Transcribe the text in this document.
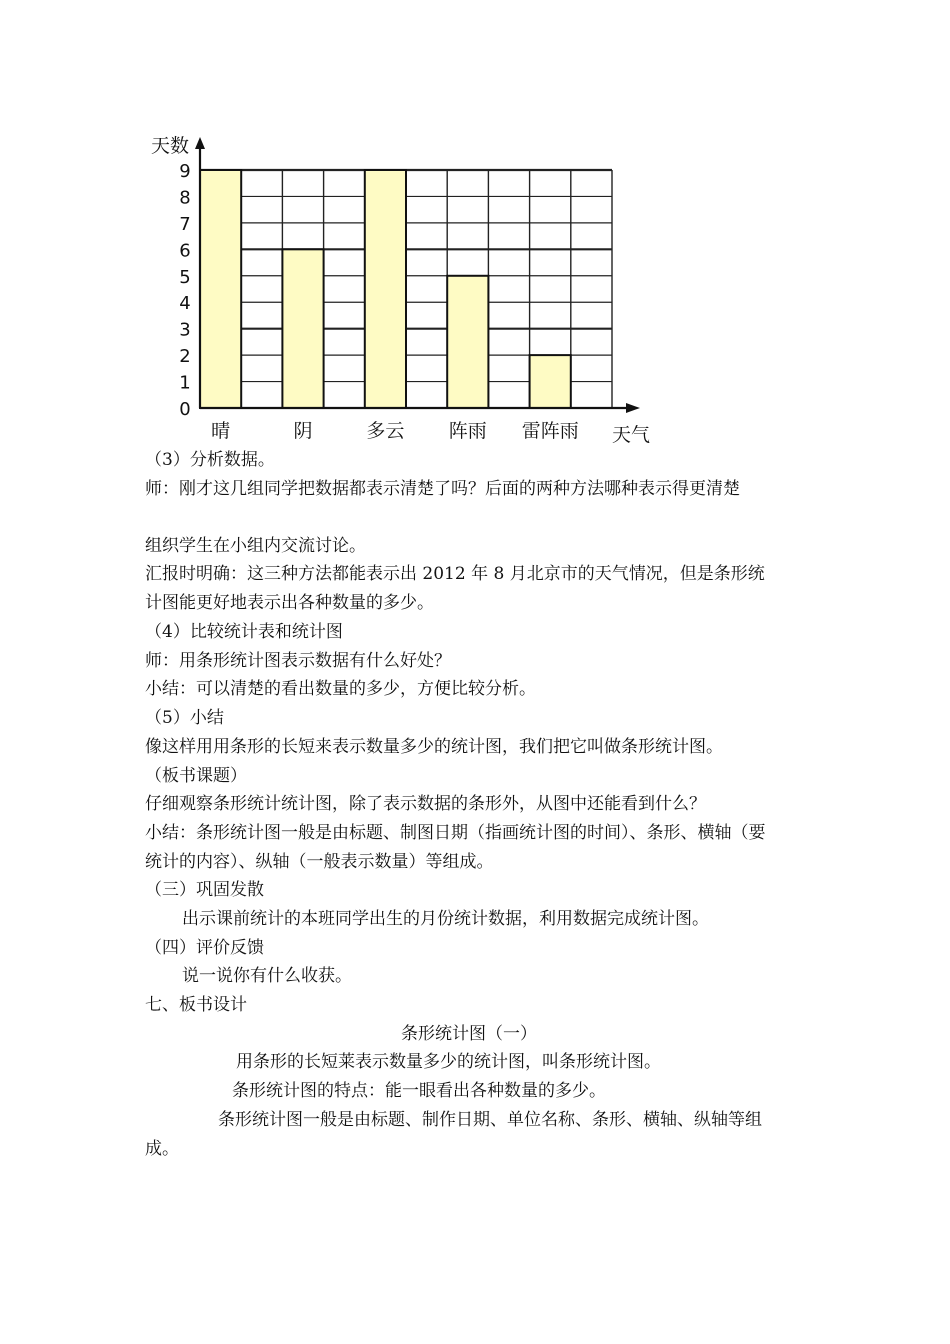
0
1
2
3
4
5
6
7
8
9
晴	阴	多云 阵雨 雷阵雨
天数
天气
（3）分析数据。
师：刚才这几组同学把数据都表示清楚了吗？后面的两种方法哪种表示得更清楚
组织学生在小组内交流讨论。
汇报时明确：这三种方法都能表示出 2012 年 8 月北京市的天气情况，但是条形统
计图能更好地表示出各种数量的多少。
（4）比较统计表和统计图
师：用条形统计图表示数据有什么好处？
小结：可以清楚的看出数量的多少，方便比较分析。
（5）小结
像这样用用条形的长短来表示数量多少的统计图，我们把它叫做条形统计图。
（板书课题）
仔细观察条形统计统计图，除了表示数据的条形外，从图中还能看到什么？
小结：条形统计图一般是由标题、制图日期（指画统计图的时间）、条形、横轴（要
统计的内容）、纵轴（一般表示数量）等组成。
（三）巩固发散
出示课前统计的本班同学出生的月份统计数据，利用数据完成统计图。
（四）评价反馈
说一说你有什么收获。
七、板书设计
条形统计图（一）
用条形的长短莱表示数量多少的统计图，叫条形统计图。
条形统计图的特点：能一眼看出各种数量的多少。
条形统计图一般是由标题、制作日期、单位名称、条形、横轴、纵轴等组
成。
